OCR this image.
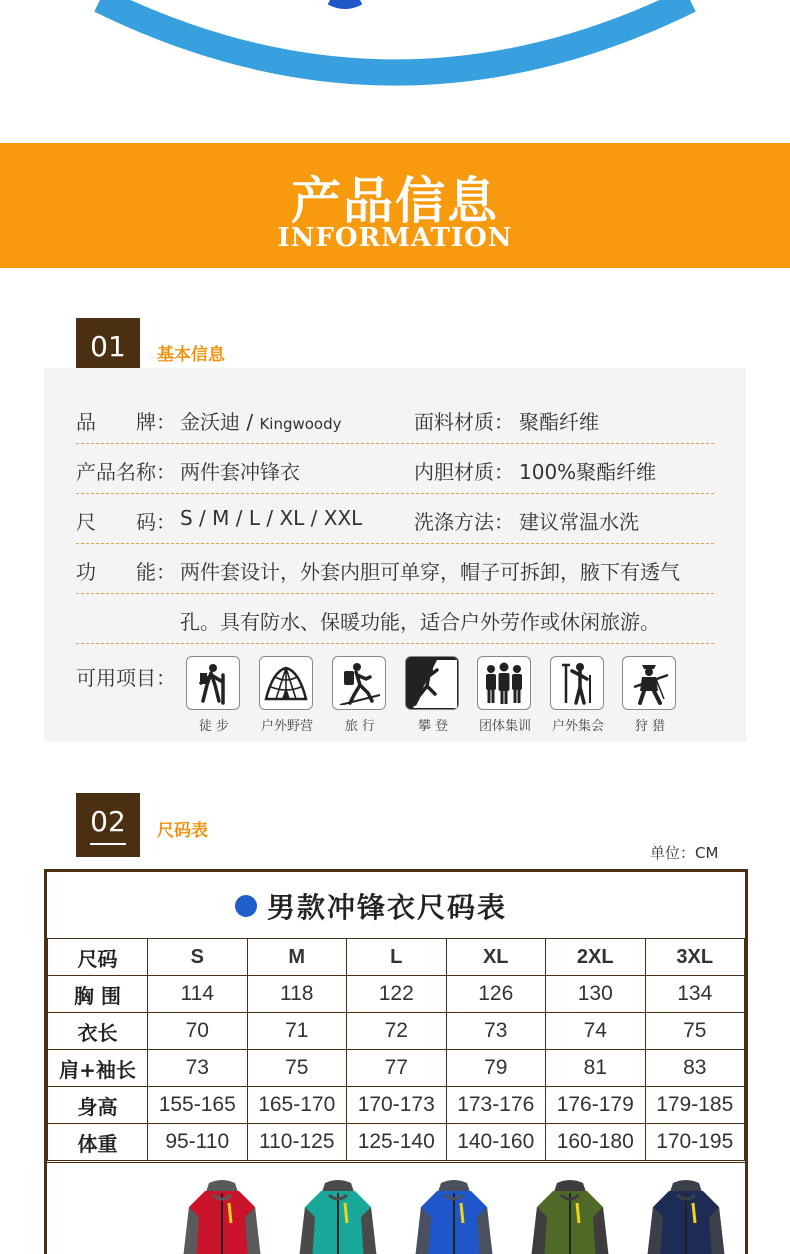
产品信息
INFORMATION
01	基本信息
品　　牌： 金沃迪 / Kingwoody	面料材质： 聚酯纤维
产品名称： 两件套冲锋衣	内胆材质： 100%聚酯纤维
尺　　码： S / M / L / XL / XXL	洗涤方法： 建议常温水洗
功　　能： 两件套设计，外套内胆可单穿，帽子可拆卸，腋下有透气
孔。具有防水、保暖功能，适合户外劳作或休闲旅游。
可用项目：
徒 步	户外野营	旅 行	攀 登	团体集训	户外集会	狩 猎
02	尺码表
单位：CM
男款冲锋衣尺码表
尺码	S	M	L	XL	2XL	3XL
胸 围	114	118	122	126	130	134
衣长	70	71	72	73	74	75
肩+袖长	73	75	77	79	81	83
身高	155-165	165-170	170-173	173-176	176-179	179-185
体重	95-110	110-125	125-140	140-160	160-180	170-195
